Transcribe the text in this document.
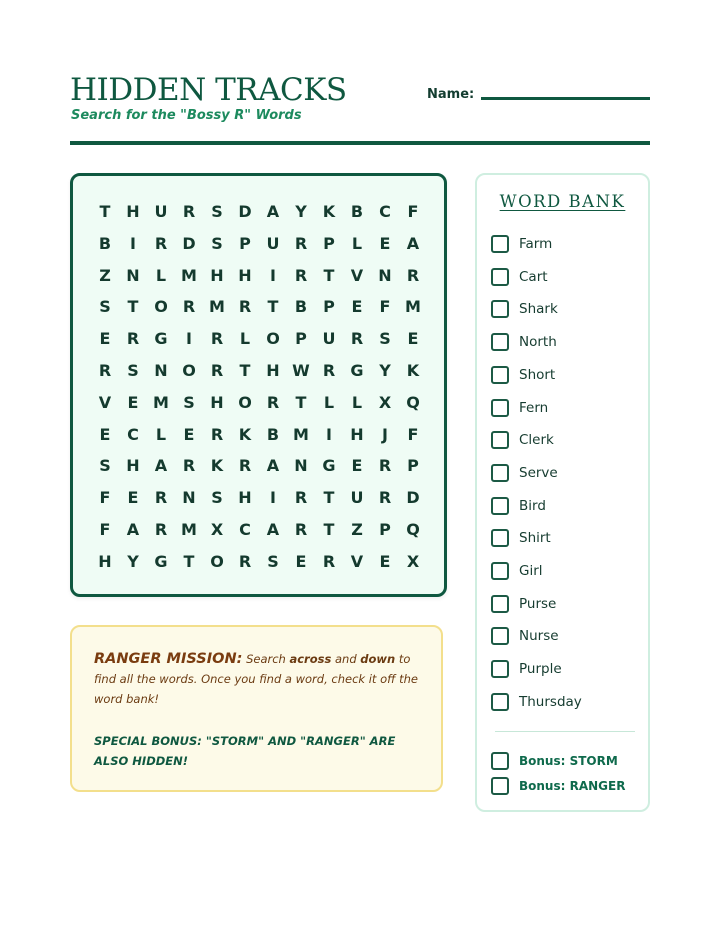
HIDDEN TRACKS
Search for the "Bossy R" Words
Name:
T H U R	S D A	Y	K B	C	F
B	I	R D S	P U R P	L	E	A
Z N	L M H H	I	R	T	V N R
S	T O R M R	T	B	P	E	F M
E	R G	I	R	L	O P U R	S	E
R	S N O R	T H W R G Y	K
V	E M S H O R	T	L	L	X Q
E	C	L	E	R K B M	I	H	J	F
S H A R K R A N G E	R P
F	E	R N S H	I	R	T	U R D
F	A R M X C A R	T	Z	P Q
H Y G T O R	S	E	R V	E	X

RANGER MISSION: Search across and down to find all the words. Once you find a word, check it off the word bank!

SPECIAL BONUS: "STORM" AND "RANGER" ARE ALSO HIDDEN!

WORD BANK
Farm
Cart
Shark
North
Short
Fern
Clerk
Serve
Bird
Shirt
Girl
Purse
Nurse
Purple
Thursday
Bonus: STORM
Bonus: RANGER
